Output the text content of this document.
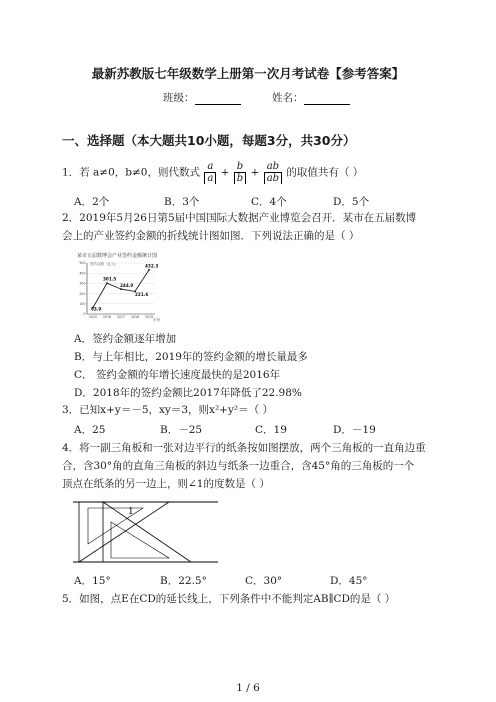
最新苏教版七年级数学上册第一次月考试卷【参考答案】
班级：	姓名：
一、选择题（本大题共10小题，每题3分，共30分）
1．若 a≠0，b≠0，则代数式 $\frac{a}{a} + \frac{b}{b} + \frac{ab}{ab}$ 的取值共有（ ）
A．2个	B．3个	C．4个	D．5个
2．2019年5月26日第5届中国国际大数据产业博览会召开．某市在五届数博
会上的产业签约金额的折线统计图如图．下列说法正确的是（ ）
某市五届数博会产业签约金额统计图
签约金额（亿元）
年份
0
100
200
300
400
500
2015 2016 2017 2018 2019
63.9
301.5
244.0
221.6
432.3
A．签约金额逐年增加
B．与上年相比，2019年的签约金额的增长量最多
C． 签约金额的年增长速度最快的是2016年
D．2018年的签约金额比2017年降低了22.98%
3．已知x+y＝－5，xy＝3，则x²+y²＝（ ）
A．25	B．－25	C．19	D．－19
4．将一副三角板和一张对边平行的纸条按如图摆放，两个三角板的一直角边重
合，含30°角的直角三角板的斜边与纸条一边重合，含45°角的三角板的一个
顶点在纸条的另一边上，则∠1的度数是（ ）
1
A．15°	B．22.5°	C．30°	D．45°
5．如图，点E在CD的延长线上，下列条件中不能判定AB∥CD的是（ ）
1 / 6
